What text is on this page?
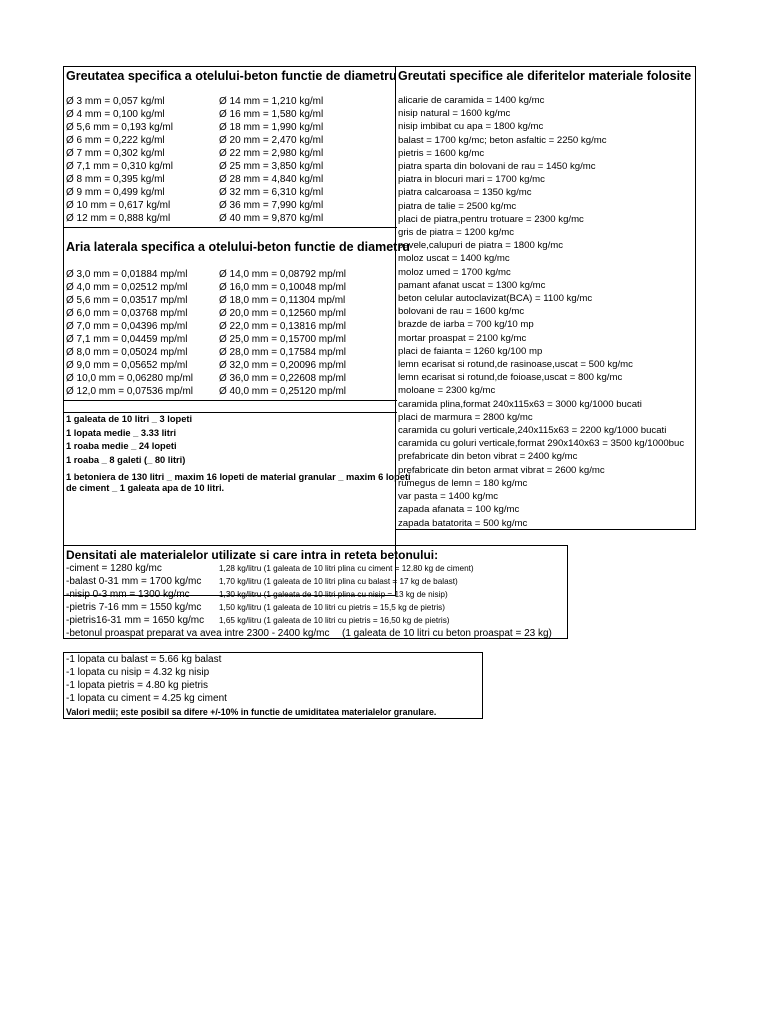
Greutatea specifica a otelului-beton functie de diametru
Ø 3 mm = 0,057 kg/ml
Ø 4 mm = 0,100 kg/ml
Ø 5,6 mm = 0,193 kg/ml
Ø 6 mm = 0,222 kg/ml
Ø 7 mm = 0,302 kg/ml
Ø 7,1 mm = 0,310 kg/ml
Ø 8 mm = 0,395 kg/ml
Ø 9 mm = 0,499 kg/ml
Ø 10 mm = 0,617 kg/ml
Ø 12 mm = 0,888 kg/ml
Ø 14 mm = 1,210 kg/ml
Ø 16 mm = 1,580 kg/ml
Ø 18 mm = 1,990 kg/ml
Ø 20 mm = 2,470 kg/ml
Ø 22 mm = 2,980 kg/ml
Ø 25 mm = 3,850 kg/ml
Ø 28 mm = 4,840 kg/ml
Ø 32 mm = 6,310 kg/ml
Ø 36 mm = 7,990 kg/ml
Ø 40 mm = 9,870 kg/ml
Aria laterala specifica a otelului-beton functie de diametru
Ø 3,0 mm = 0,01884 mp/ml
Ø 4,0 mm = 0,02512 mp/ml
Ø 5,6 mm = 0,03517 mp/ml
Ø 6,0 mm = 0,03768 mp/ml
Ø 7,0 mm = 0,04396 mp/ml
Ø 7,1 mm = 0,04459 mp/ml
Ø 8,0 mm = 0,05024 mp/ml
Ø 9,0 mm = 0,05652 mp/ml
Ø 10,0 mm = 0,06280 mp/ml
Ø 12,0 mm = 0,07536 mp/ml
Ø 14,0 mm = 0,08792 mp/ml
Ø 16,0 mm = 0,10048 mp/ml
Ø 18,0 mm = 0,11304 mp/ml
Ø 20,0 mm = 0,12560 mp/ml
Ø 22,0 mm = 0,13816 mp/ml
Ø 25,0 mm = 0,15700 mp/ml
Ø 28,0 mm = 0,17584 mp/ml
Ø 32,0 mm = 0,20096 mp/ml
Ø 36,0 mm = 0,22608 mp/ml
Ø 40,0 mm = 0,25120 mp/ml
1 galeata de 10 litri _ 3 lopeti
1 lopata medie _ 3.33 litri
1 roaba medie _ 24 lopeti
1 roaba _ 8 galeti (_ 80 litri)
1 betoniera de 130 litri _ maxim 16 lopeti de material granular _ maxim 6 lopeti
de ciment _ 1 galeata apa de 10 litri.
Greutati specifice ale diferitelor materiale folosite
alicarie de caramida = 1400 kg/mc
nisip natural = 1600 kg/mc
nisip imbibat cu apa = 1800 kg/mc
balast = 1700 kg/mc; beton asfaltic = 2250 kg/mc
pietris = 1600 kg/mc
piatra sparta din bolovani de rau = 1450 kg/mc
piatra in blocuri mari = 1700 kg/mc
piatra calcaroasa = 1350 kg/mc
piatra de talie = 2500 kg/mc
placi de piatra,pentru trotuare = 2300 kg/mc
gris de piatra = 1200 kg/mc
pavele,calupuri de piatra = 1800 kg/mc
moloz uscat = 1400 kg/mc
moloz umed = 1700 kg/mc
pamant afanat uscat = 1300 kg/mc
beton celular autoclavizat(BCA) = 1100 kg/mc
bolovani de rau = 1600 kg/mc
brazde de iarba = 700 kg/10 mp
mortar proaspat = 2100 kg/mc
placi de faianta = 1260 kg/100 mp
lemn ecarisat si rotund,de rasinoase,uscat = 500 kg/mc
lemn ecarisat si rotund,de foioase,uscat = 800 kg/mc
moloane = 2300 kg/mc
caramida plina,format 240x115x63 = 3000 kg/1000 bucati
placi de marmura = 2800 kg/mc
caramida cu goluri verticale,240x115x63 = 2200 kg/1000 bucati
caramida cu goluri verticale,format 290x140x63 = 3500 kg/1000buc
prefabricate din beton vibrat = 2400 kg/mc
prefabricate din beton armat vibrat = 2600 kg/mc
rumegus de lemn = 180 kg/mc
var pasta = 1400 kg/mc
zapada afanata = 100 kg/mc
zapada batatorita = 500 kg/mc
Densitati ale materialelor utilizate si care intra in reteta betonului:
-ciment = 1280 kg/mc
-balast 0-31 mm = 1700 kg/mc
-nisip 0-3 mm = 1300 kg/mc
-pietris 7-16 mm = 1550 kg/mc
-pietris16-31 mm = 1650 kg/mc
1,28 kg/litru (1 galeata de 10 litri plina cu ciment = 12.80 kg de ciment)
1,70 kg/litru (1 galeata de 10 litri plina cu balast = 17 kg de balast)
1,30 kg/litru (1 galeata de 10 litri plina cu nisip = 13 kg de nisip)
1,50 kg/litru (1 galeata de 10 litri cu pietris = 15,5 kg de pietris)
1,65 kg/litru (1 galeata de 10 litri cu pietris = 16,50 kg de pietris)
-betonul proaspat preparat va avea intre 2300 - 2400 kg/mc (1 galeata de 10 litri cu beton proaspat = 23 kg)
-1 lopata cu balast = 5.66 kg balast
-1 lopata cu nisip = 4.32 kg nisip
-1 lopata pietris = 4.80 kg pietris
-1 lopata cu ciment = 4.25 kg ciment
Valori medii; este posibil sa difere +/-10% in functie de umiditatea materialelor granulare.
